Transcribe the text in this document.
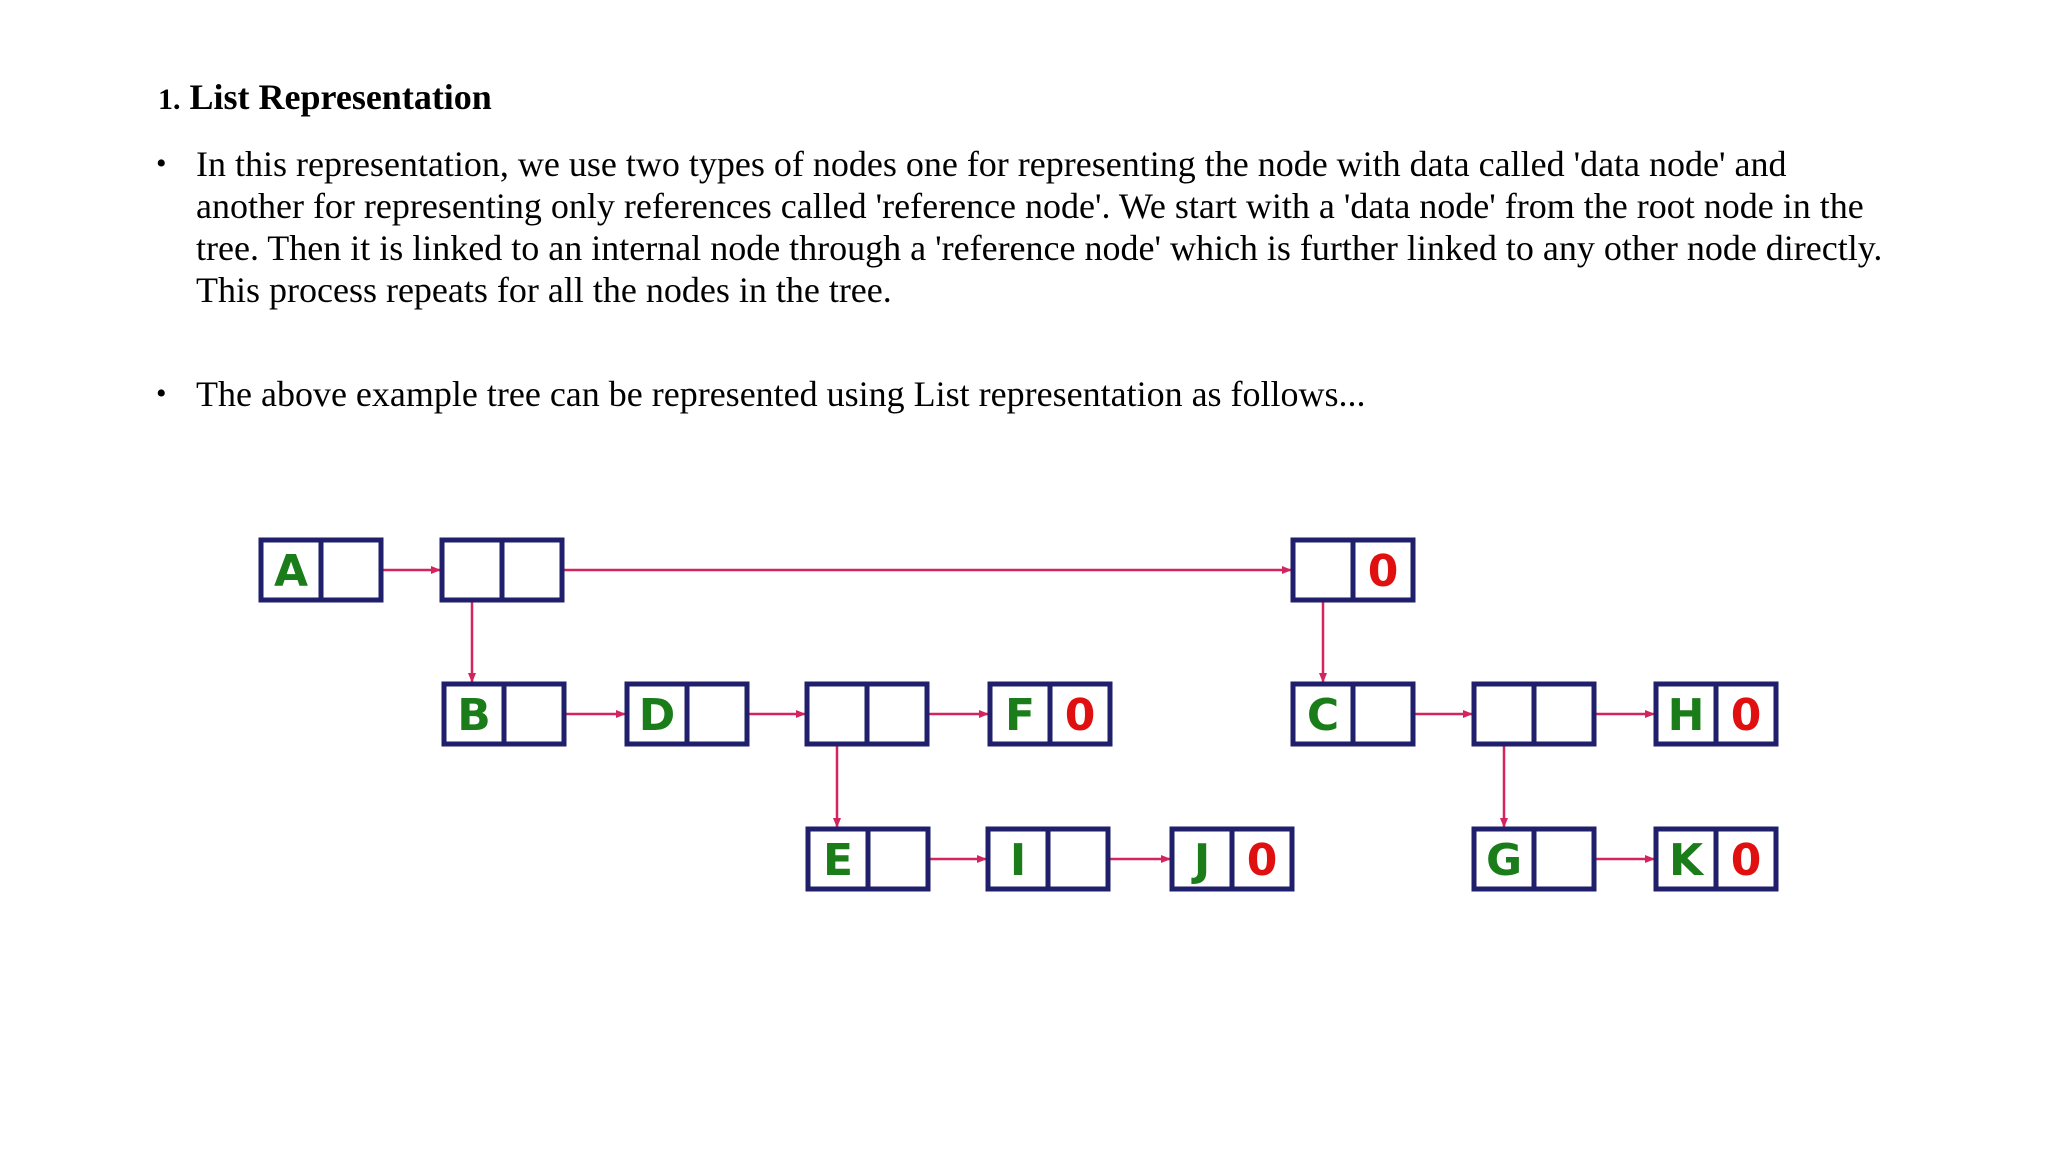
1. List Representation
• In this representation, we use two types of nodes one for representing the node with data called 'data node' and another for representing only references called 'reference node'. We start with a 'data node' from the root node in the tree. Then it is linked to an internal node through a 'reference node' which is further linked to any other node directly. This process repeats for all the nodes in the tree.
• The above example tree can be represented using List representation as follows...
A	0
B	D	F 0	C	H 0
E	I	J 0	G	K 0
